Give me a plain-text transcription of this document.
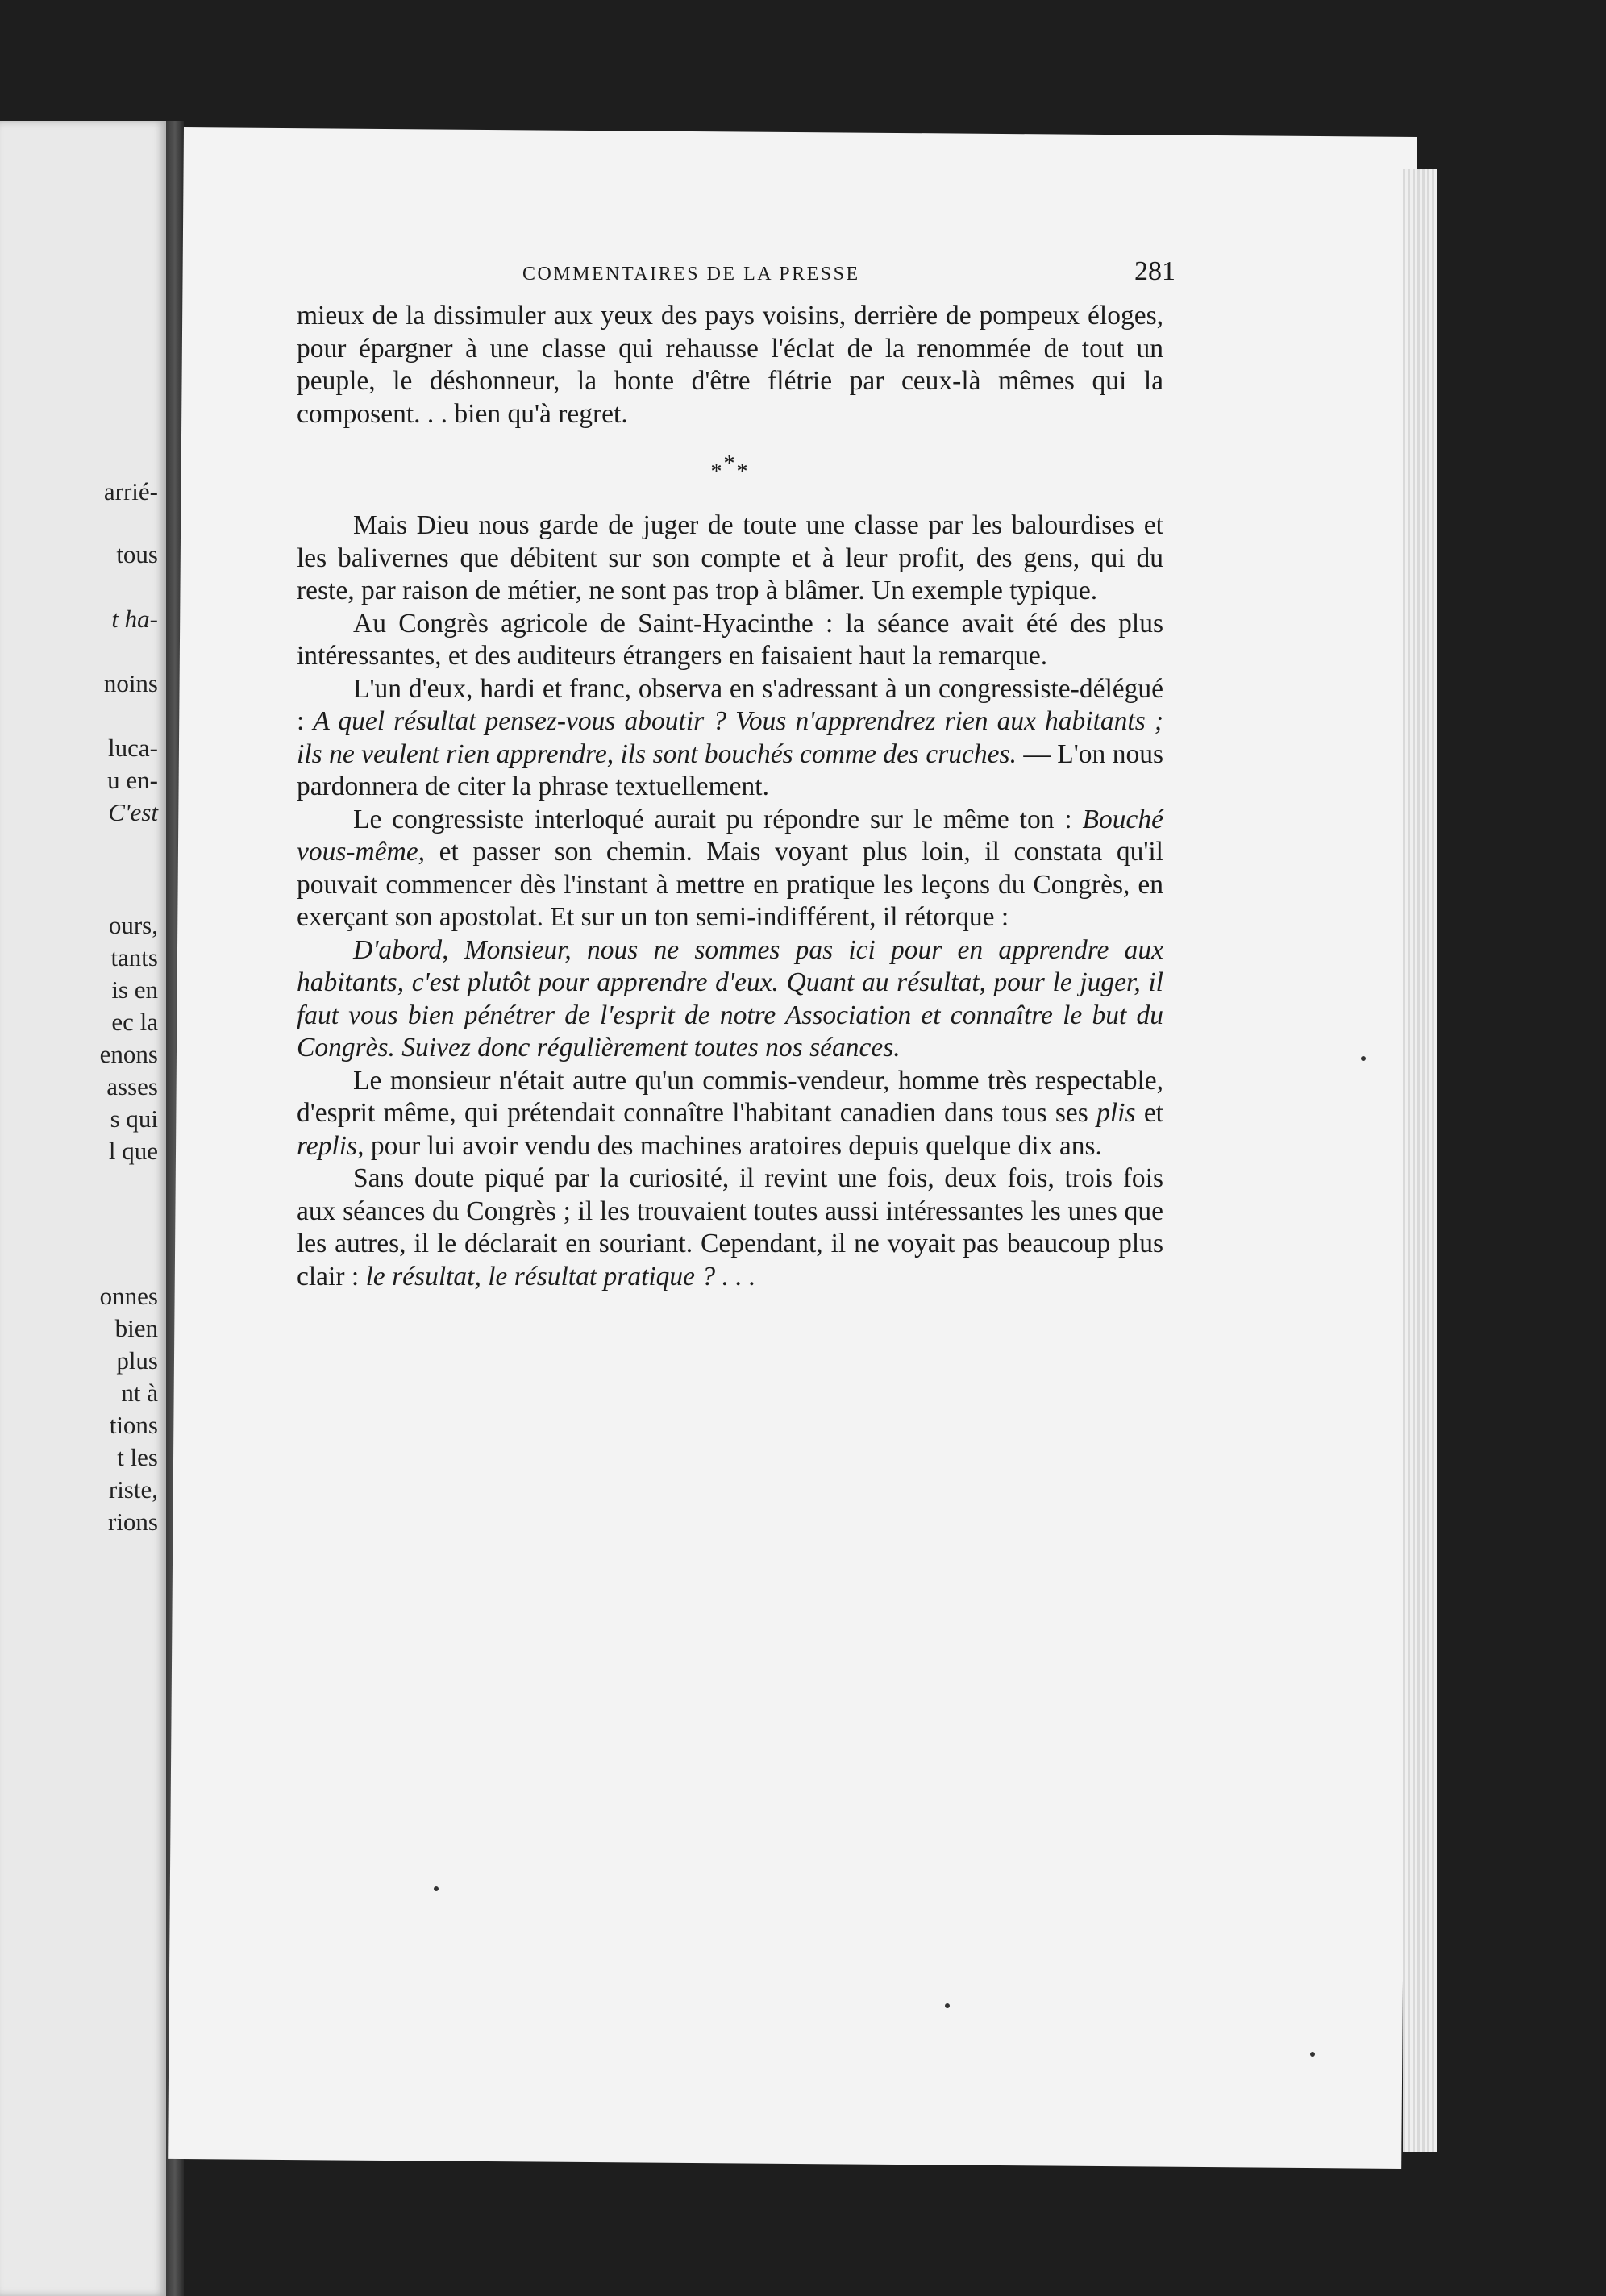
arrié-
tous
t ha-
noins
luca-
u en-
C'est
ours,
tants
is en
ec la
enons
asses
s qui
l que
onnes
bien
plus
nt à
tions
t les
riste,
rions
COMMENTAIRES DE LA PRESSE	281

mieux de la dissimuler aux yeux des pays voisins, derrière de pompeux éloges, pour épargner à une classe qui rehausse l'éclat de la renommée de tout un peuple, le déshonneur, la honte d'être flétrie par ceux-là mêmes qui la composent. . . bien qu'à regret.

***

Mais Dieu nous garde de juger de toute une classe par les balourdises et les balivernes que débitent sur son compte et à leur profit, des gens, qui du reste, par raison de métier, ne sont pas trop à blâmer. Un exemple typique.

Au Congrès agricole de Saint-Hyacinthe : la séance avait été des plus intéressantes, et des auditeurs étrangers en faisaient haut la remarque.

L'un d'eux, hardi et franc, observa en s'adressant à un congressiste-délégué : A quel résultat pensez-vous aboutir ? Vous n'apprendrez rien aux habitants ; ils ne veulent rien apprendre, ils sont bouchés comme des cruches. — L'on nous pardonnera de citer la phrase textuellement.

Le congressiste interloqué aurait pu répondre sur le même ton : Bouché vous-même, et passer son chemin. Mais voyant plus loin, il constata qu'il pouvait commencer dès l'instant à mettre en pratique les leçons du Congrès, en exerçant son apostolat. Et sur un ton semi-indifférent, il rétorque :

D'abord, Monsieur, nous ne sommes pas ici pour en apprendre aux habitants, c'est plutôt pour apprendre d'eux. Quant au résultat, pour le juger, il faut vous bien pénétrer de l'esprit de notre Association et connaître le but du Congrès. Suivez donc régulièrement toutes nos séances.

Le monsieur n'était autre qu'un commis-vendeur, homme très respectable, d'esprit même, qui prétendait connaître l'habitant canadien dans tous ses plis et replis, pour lui avoir vendu des machines aratoires depuis quelque dix ans.

Sans doute piqué par la curiosité, il revint une fois, deux fois, trois fois aux séances du Congrès ; il les trouvaient toutes aussi intéressantes les unes que les autres, il le déclarait en souriant. Cependant, il ne voyait pas beaucoup plus clair : le résultat, le résultat pratique ? . . .
